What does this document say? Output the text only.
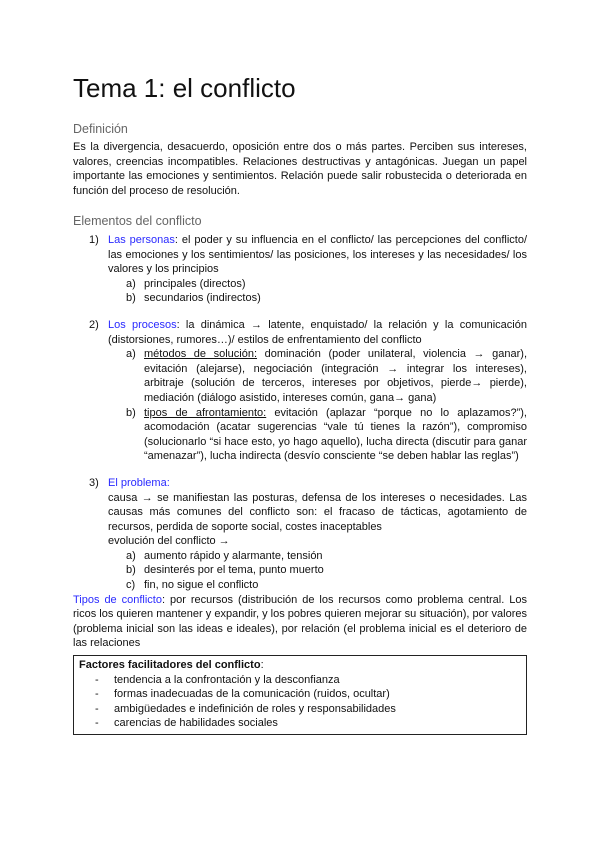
Tema 1: el conflicto
Definición
Es la divergencia, desacuerdo, oposición entre dos o más partes. Perciben sus intereses, valores, creencias incompatibles. Relaciones destructivas y antagónicas. Juegan un papel importante las emociones y sentimientos. Relación puede salir robustecida o deteriorada en función del proceso de resolución.
Elementos del conflicto
1) Las personas: el poder y su influencia en el conflicto/ las percepciones del conflicto/ las emociones y los sentimientos/ las posiciones, los intereses y las necesidades/ los valores y los principios
a) principales (directos)
b) secundarios (indirectos)
2) Los procesos: la dinámica → latente, enquistado/ la relación y la comunicación (distorsiones, rumores…)/ estilos de enfrentamiento del conflicto
a) métodos de solución: dominación (poder unilateral, violencia → ganar), evitación (alejarse), negociación (integración → integrar los intereses), arbitraje (solución de terceros, intereses por objetivos, pierde→ pierde), mediación (diálogo asistido, intereses común, gana→ gana)
b) tipos de afrontamiento: evitación (aplazar “porque no lo aplazamos?”), acomodación (acatar sugerencias “vale tú tienes la razón”), compromiso (solucionarlo “si hace esto, yo hago aquello), lucha directa (discutir para ganar “amenazar”), lucha indirecta (desvío consciente “se deben hablar las reglas”)
3) El problema:
causa → se manifiestan las posturas, defensa de los intereses o necesidades. Las causas más comunes del conflicto son: el fracaso de tácticas, agotamiento de recursos, perdida de soporte social, costes inaceptables
evolución del conflicto →
a) aumento rápido y alarmante, tensión
b) desinterés por el tema, punto muerto
c) fin, no sigue el conflicto
Tipos de conflicto: por recursos (distribución de los recursos como problema central. Los ricos los quieren mantener y expandir, y los pobres quieren mejorar su situación), por valores (problema inicial son las ideas e ideales), por relación (el problema inicial es el deterioro de las relaciones
Factores facilitadores del conflicto:
- tendencia a la confrontación y la desconfianza
- formas inadecuadas de la comunicación (ruidos, ocultar)
- ambigüedades e indefinición de roles y responsabilidades
- carencias de habilidades sociales
